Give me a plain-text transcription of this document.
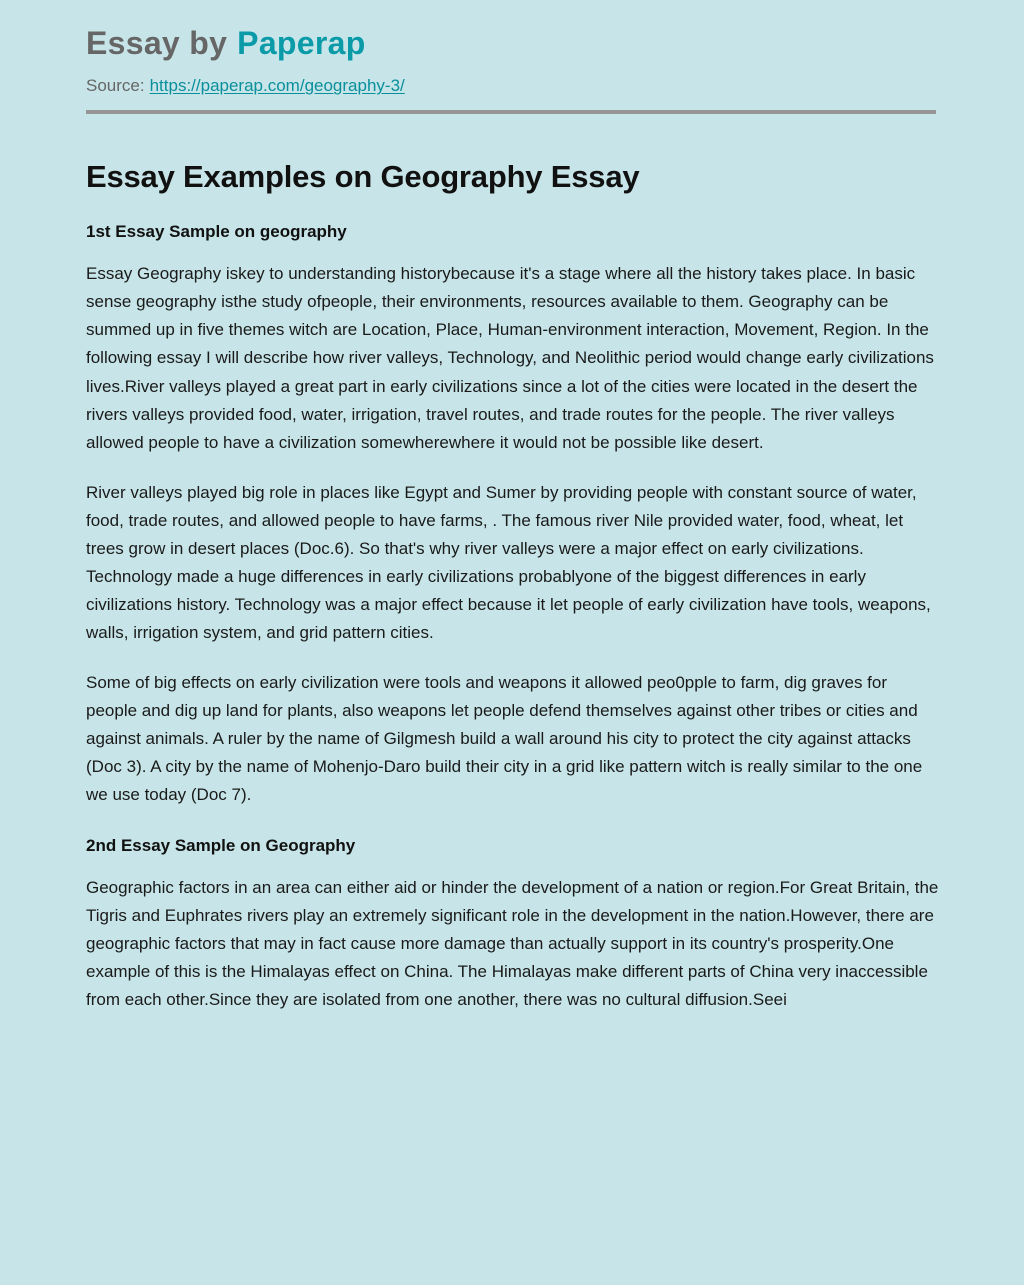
Essay by Paperap
Source: https://paperap.com/geography-3/
Essay Examples on Geography Essay
1st Essay Sample on geography

Essay Geography iskey to understanding historybecause it's a stage where all the history takes place. In basic sense geography isthe study ofpeople, their environments, resources available to them. Geography can be summed up in five themes witch are Location, Place, Human-environment interaction, Movement, Region. In the following essay I will describe how river valleys, Technology, and Neolithic period would change early civilizations lives.River valleys played a great part in early civilizations since a lot of the cities were located in the desert the rivers valleys provided food, water, irrigation, travel routes, and trade routes for the people. The river valleys allowed people to have a civilization somewherewhere it would not be possible like desert.

River valleys played big role in places like Egypt and Sumer by providing people with constant source of water, food, trade routes, and allowed people to have farms, . The famous river Nile provided water, food, wheat, let trees grow in desert places (Doc.6). So that's why river valleys were a major effect on early civilizations. Technology made a huge differences in early civilizations probablyone of the biggest differences in early civilizations history. Technology was a major effect because it let people of early civilization have tools, weapons, walls, irrigation system, and grid pattern cities.

Some of big effects on early civilization were tools and weapons it allowed peo0pple to farm, dig graves for people and dig up land for plants, also weapons let people defend themselves against other tribes or cities and against animals. A ruler by the name of Gilgmesh build a wall around his city to protect the city against attacks (Doc 3). A city by the name of Mohenjo-Daro build their city in a grid like pattern witch is really similar to the one we use today (Doc 7).

2nd Essay Sample on Geography

Geographic factors in an area can either aid or hinder the development of a nation or region.For Great Britain, the Tigris and Euphrates rivers play an extremely significant role in the development in the nation.However, there are geographic factors that may in fact cause more damage than actually support in its country's prosperity.One example of this is the Himalayas effect on China. The Himalayas make different parts of China very inaccessible from each other.Since they are isolated from one another, there was no cultural diffusion.Seei
